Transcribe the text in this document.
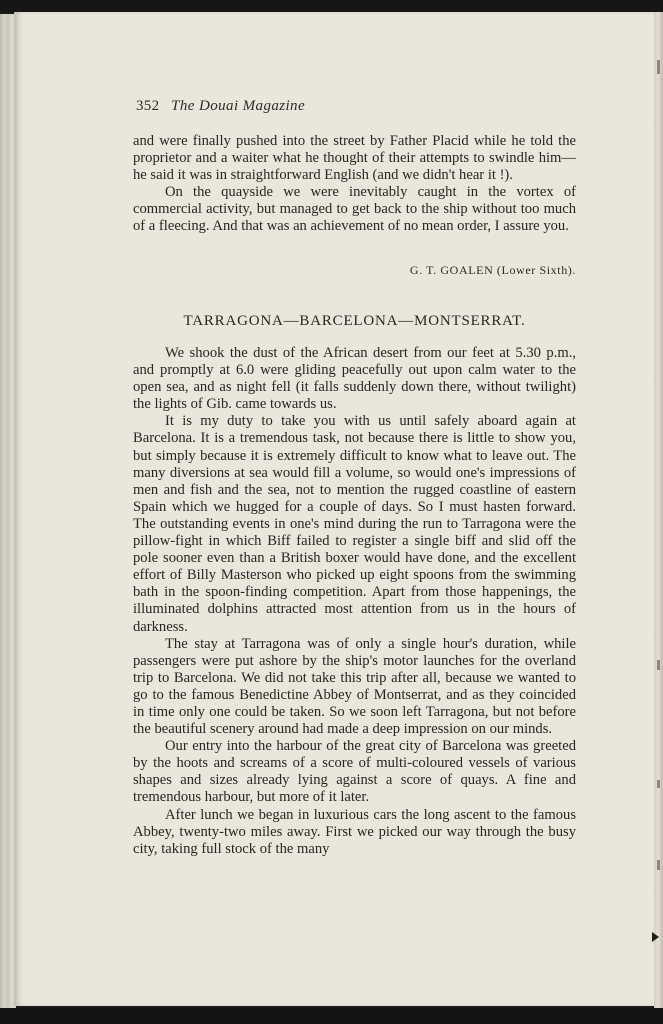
352 The Douai Magazine

and were finally pushed into the street by Father Placid while he told the proprietor and a waiter what he thought of their attempts to swindle him—he said it was in straightforward English (and we didn't hear it !).

On the quayside we were inevitably caught in the vortex of commercial activity, but managed to get back to the ship without too much of a fleecing. And that was an achievement of no mean order, I assure you.

G. T. GOALEN (Lower Sixth).
TARRAGONA—BARCELONA—MONTSERRAT.

We shook the dust of the African desert from our feet at 5.30 p.m., and promptly at 6.0 were gliding peacefully out upon calm water to the open sea, and as night fell (it falls suddenly down there, without twilight) the lights of Gib. came towards us.

It is my duty to take you with us until safely aboard again at Barcelona. It is a tremendous task, not because there is little to show you, but simply because it is extremely difficult to know what to leave out. The many diversions at sea would fill a volume, so would one's impressions of men and fish and the sea, not to mention the rugged coastline of eastern Spain which we hugged for a couple of days. So I must hasten forward. The outstanding events in one's mind during the run to Tarragona were the pillow-fight in which Biff failed to register a single biff and slid off the pole sooner even than a British boxer would have done, and the excellent effort of Billy Masterson who picked up eight spoons from the swimming bath in the spoon-finding competition. Apart from those happenings, the illuminated dolphins attracted most attention from us in the hours of darkness.

The stay at Tarragona was of only a single hour's duration, while passengers were put ashore by the ship's motor launches for the overland trip to Barcelona. We did not take this trip after all, because we wanted to go to the famous Benedictine Abbey of Montserrat, and as they coincided in time only one could be taken. So we soon left Tarragona, but not before the beautiful scenery around had made a deep impression on our minds.

Our entry into the harbour of the great city of Barcelona was greeted by the hoots and screams of a score of multi-coloured vessels of various shapes and sizes already lying against a score of quays. A fine and tremendous harbour, but more of it later.

After lunch we began in luxurious cars the long ascent to the famous Abbey, twenty-two miles away. First we picked our way through the busy city, taking full stock of the many
